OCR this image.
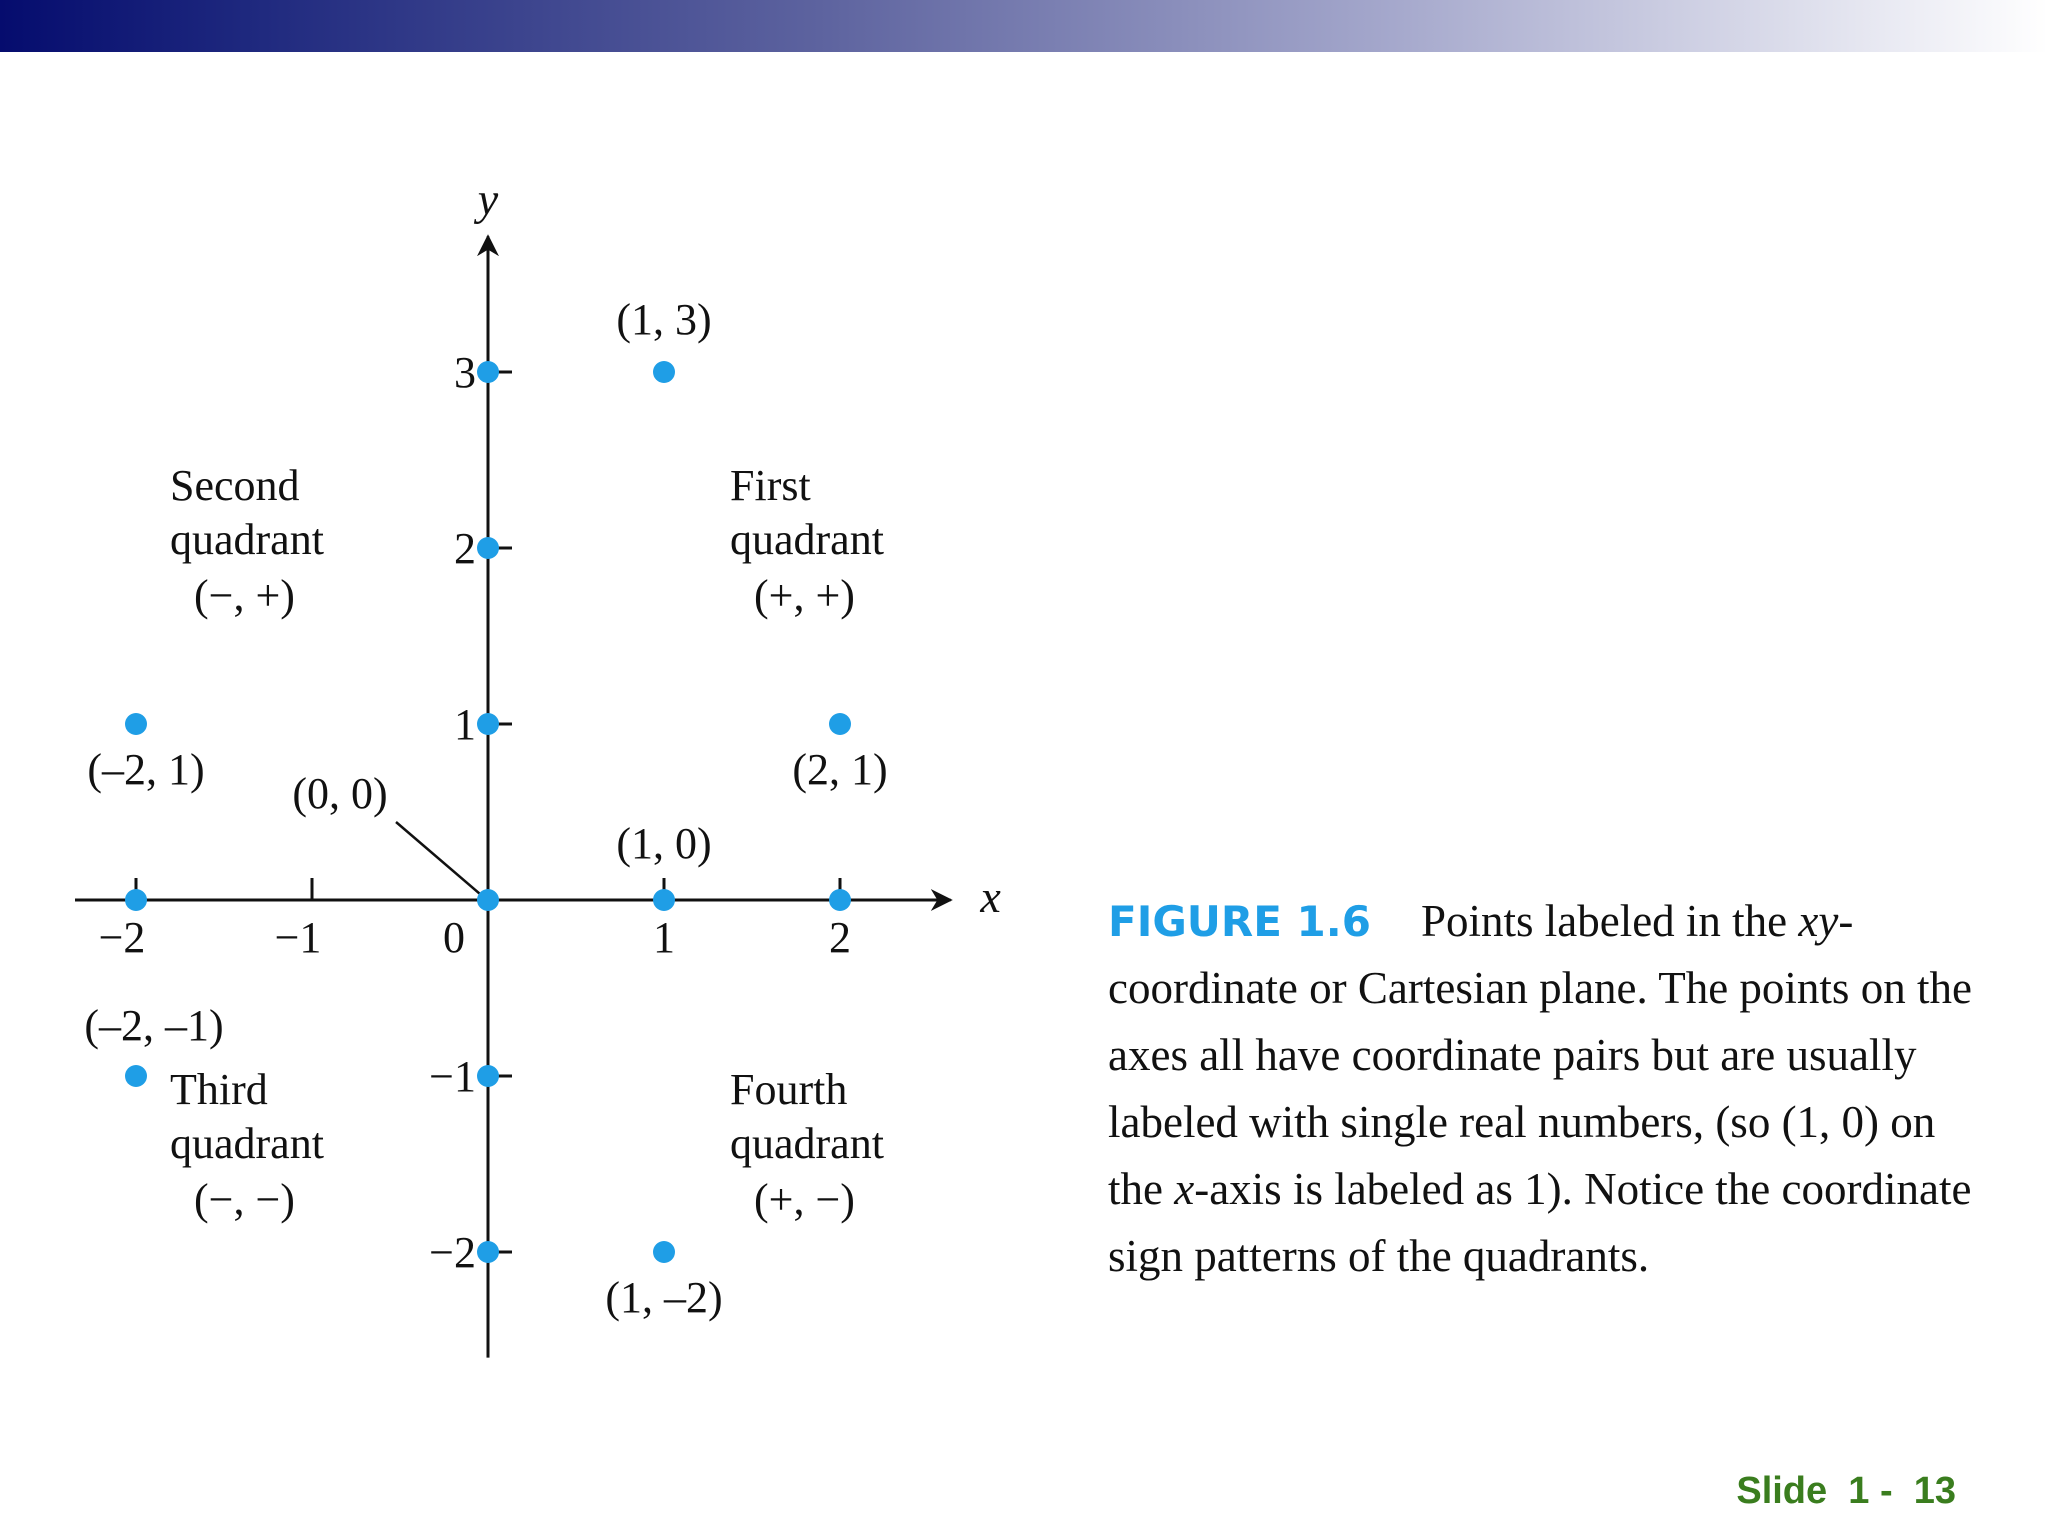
−2	−1	0	1	2
3
2
1
−1
−2
x
y
(1, 3)
(2, 1)
(–2, 1)
(1, 0)
(0, 0)
(–2, –1)
(1, –2)
First
quadrant
(+, +)
Second
quadrant
(−, +)
Third
quadrant
(−, −)
Fourth
quadrant
(+, −)
FIGURE 1.6 Points labeled in the xy-coordinate or Cartesian plane. The points on the axes all have coordinate pairs but are usually labeled with single real numbers, (so (1, 0) on the x-axis is labeled as 1). Notice the coordinate sign patterns of the quadrants.
Slide  1 -  13
